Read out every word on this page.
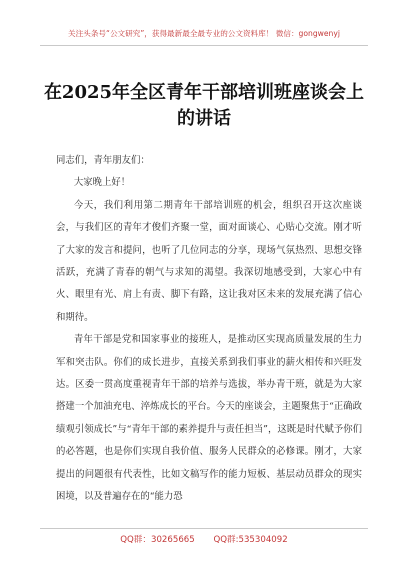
关注头条号“公文研究”，获得最新最全最专业的公文资料库！ 微信：gongwenyj
在2025年全区青年干部培训班座谈会上的讲话

同志们，青年朋友们：

大家晚上好！

今天，我们利用第二期青年干部培训班的机会，组织召开这次座谈会，与我们区的青年才俊们齐聚一堂，面对面谈心、心贴心交流。刚才听了大家的发言和提问，也听了几位同志的分享，现场气氛热烈、思想交锋活跃，充满了青春的朝气与求知的渴望。我深切地感受到，大家心中有火、眼里有光、肩上有责、脚下有路，这让我对区未来的发展充满了信心和期待。

青年干部是党和国家事业的接班人，是推动区实现高质量发展的生力军和突击队。你们的成长进步，直接关系到我们事业的薪火相传和兴旺发达。区委一贯高度重视青年干部的培养与选拔，举办青干班，就是为大家搭建一个加油充电、淬炼成长的平台。今天的座谈会，主题聚焦于“正确政绩观引领成长”与“青年干部的素养提升与责任担当”，这既是时代赋予你们的必答题，也是你们实现自我价值、服务人民群众的必修课。刚才，大家提出的问题很有代表性，比如文稿写作的能力短板、基层动员群众的现实困境，以及普遍存在的“能力恐

QQ群：30265665 QQ群:535304092
